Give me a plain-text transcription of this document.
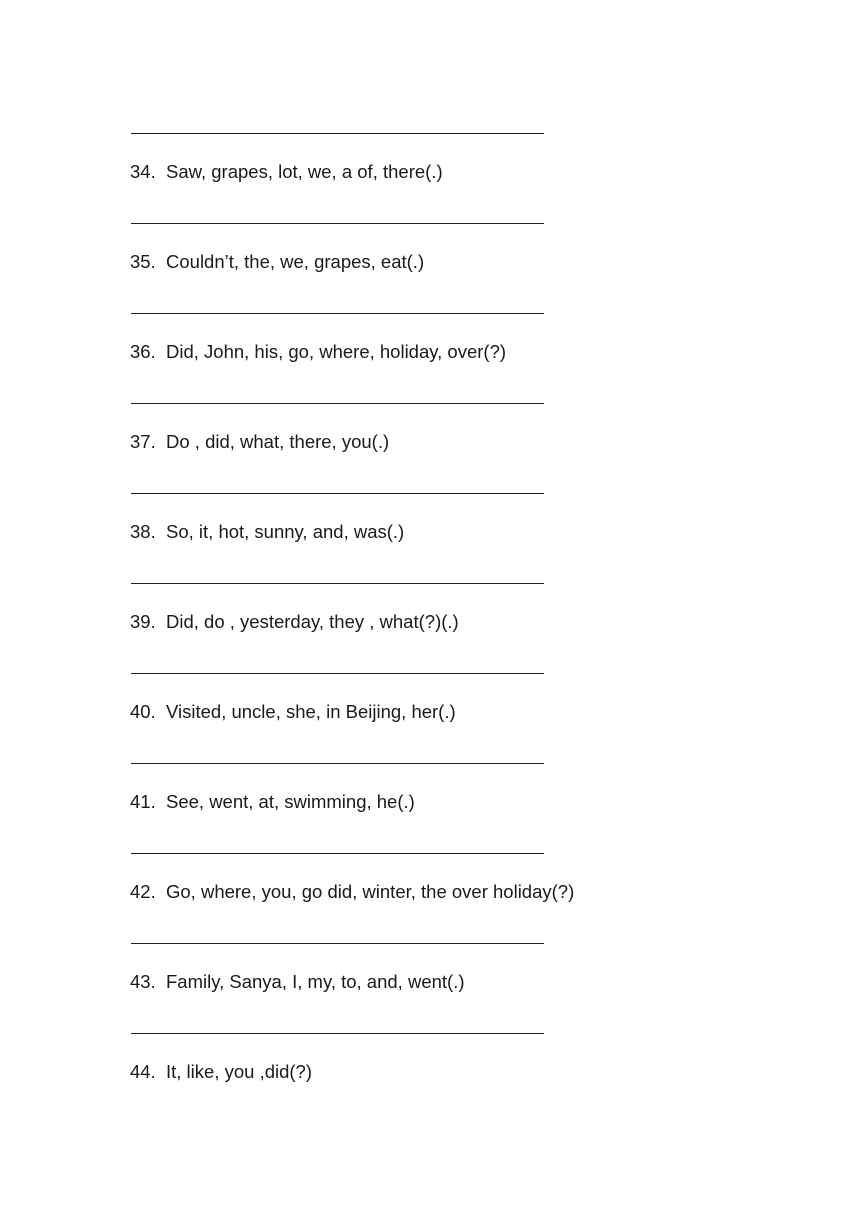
34. Saw, grapes, lot, we, a of, there(.)
35. Couldn’t, the, we, grapes, eat(.)
36. Did, John, his, go, where, holiday, over(?)
37. Do , did, what, there, you(.)
38. So, it, hot, sunny, and, was(.)
39. Did, do , yesterday, they , what(?)(.)
40. Visited, uncle, she, in Beijing, her(.)
41. See, went, at, swimming, he(.)
42. Go, where, you, go did, winter, the over holiday(?)
43. Family, Sanya, I, my, to, and, went(.)
44. It, like, you ,did(?)
